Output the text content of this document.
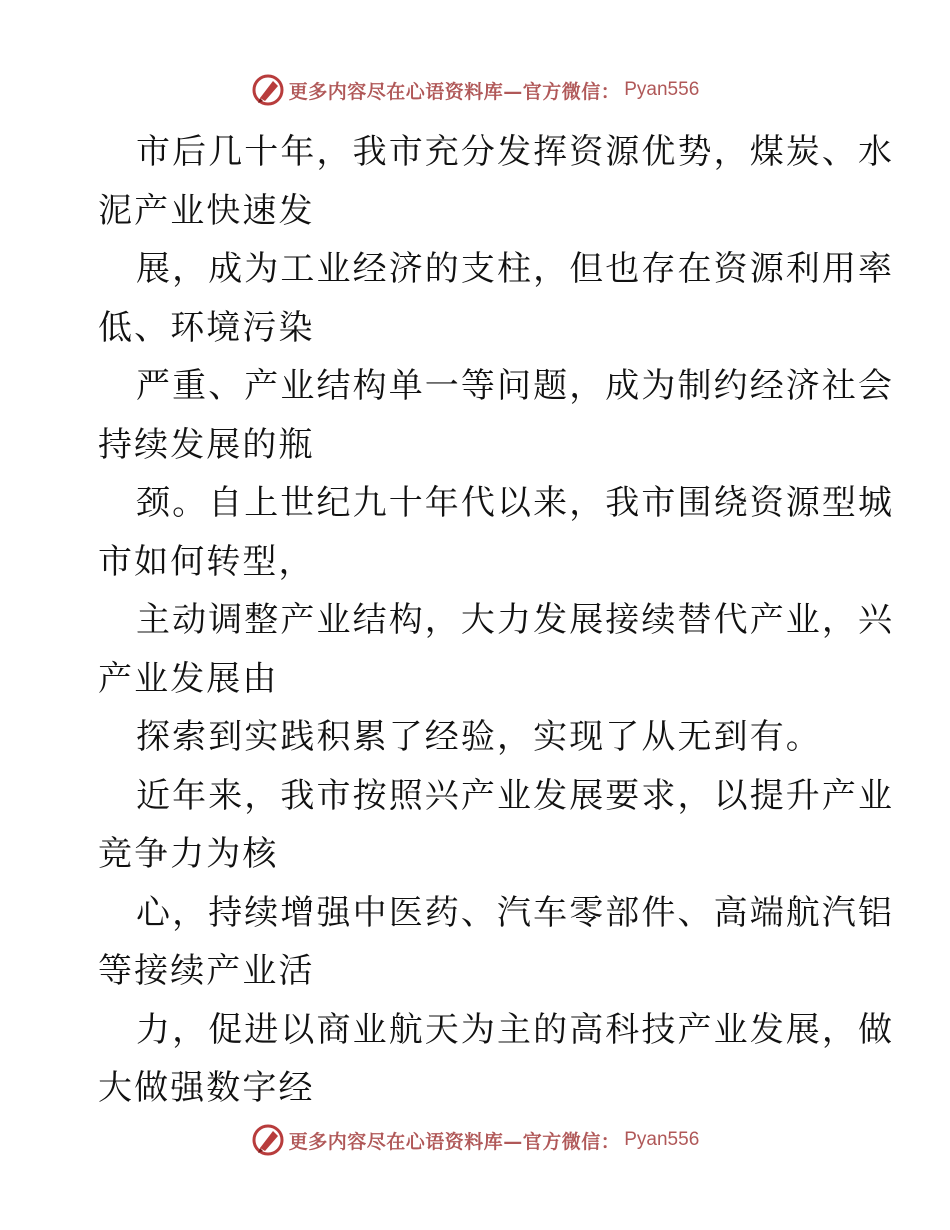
更多内容尽在心语资料库—官方微信： Pyan556
市后几十年，我市充分发挥资源优势，煤炭、水
泥产业快速发
展，成为工业经济的支柱，但也存在资源利用率
低、环境污染
严重、产业结构单一等问题，成为制约经济社会
持续发展的瓶
颈。自上世纪九十年代以来，我市围绕资源型城
市如何转型，
主动调整产业结构，大力发展接续替代产业，兴
产业发展由
探索到实践积累了经验，实现了从无到有。
近年来，我市按照兴产业发展要求，以提升产业
竞争力为核
心，持续增强中医药、汽车零部件、高端航汽铝
等接续产业活
力，促进以商业航天为主的高科技产业发展，做
大做强数字经
更多内容尽在心语资料库—官方微信： Pyan556
